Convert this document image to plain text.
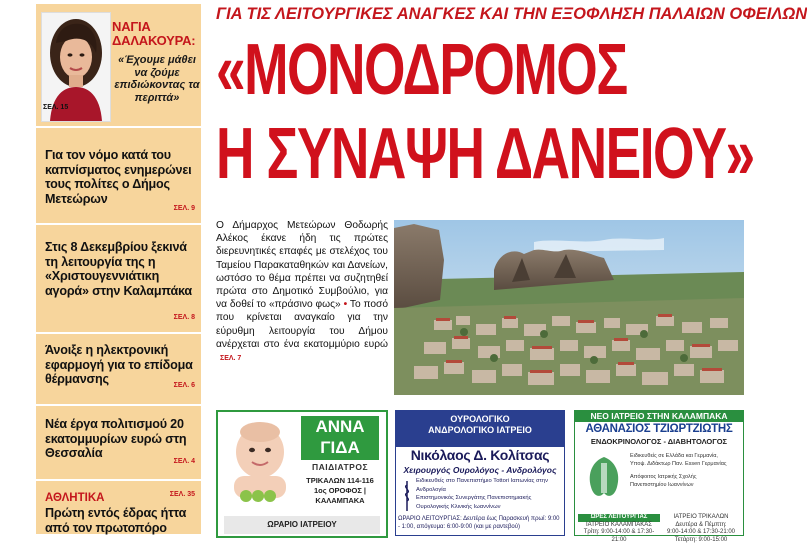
ΣΕΛ. 15
ΝΑΓΙΑ ΔΑΛΑΚΟΥΡΑ:
«Έχουμε μάθει να ζούμε επιδιώκοντας τα περιττά»
Για τον νόμο κατά του καπνίσματος ενημερώνει τους πολίτες ο Δήμος Μετεώρων
ΣΕΛ. 9
Στις 8 Δεκεμβρίου ξεκινά τη λειτουργία της η «Χριστουγεννιάτικη αγορά» στην Καλαμπάκα
ΣΕΛ. 8
Άνοιξε η ηλεκτρονική εφαρμογή για το επίδομα θέρμανσης	ΣΕΛ. 6
Νέα έργα πολιτισμού 20 εκατομμυρίων ευρώ στη Θεσσαλία
ΣΕΛ. 4
ΑΘΛΗΤΙΚΑ	ΣΕΛ. 35
Πρώτη εντός έδρας ήττα από τον πρωτοπόρο
ΓΙΑ ΤΙΣ ΛΕΙΤΟΥΡΓΙΚΕΣ ΑΝΑΓΚΕΣ ΚΑΙ ΤΗΝ ΕΞΟΦΛΗΣΗ ΠΑΛΑΙΩΝ ΟΦΕΙΛΩΝ
«ΜΟΝΟΔΡΟΜΟΣ
Η ΣΥΝΑΨΗ ΔΑΝΕΙΟΥ»
Ο Δήμαρχος Μετεώρων Θοδωρής Αλέκος έκανε ήδη τις πρώτες διερευνητικές επαφές με στελέχος του Ταμείου Παρακαταθηκών και Δανείων, ωστόσο το θέμα πρέπει να συζητηθεί πρώτα στο Δημοτικό Συμβούλιο, για να δοθεί το «πράσινο φως» • Το ποσό που κρίνεται αναγκαίο για την εύρυθμη λειτουργία του Δήμου ανέρχεται στο ένα εκατομμύριο ευρώ ΣΕΛ. 7
ΑΝΝΑ
ΓΙΔΑ
ΠΑΙΔΙΑΤΡΟΣ
ΤΡΙΚΑΛΩΝ 114-116
1ος ΟΡΟΦΟΣ | ΚΑΛΑΜΠΑΚΑ
ΩΡΑΡΙΟ ΙΑΤΡΕΙΟΥ
ΟΥΡΟΛΟΓΙΚΟ
ΑΝΔΡΟΛΟΓΙΚΟ ΙΑΤΡΕΙΟ
Νικόλαος Δ. Κολίτσας
Χειρουργός Ουρολόγος - Ανδρολόγος
Ειδικευθείς στο Πανεπιστήμιο Tottori Ιαπωνίας στην Ανδρολογία
Επιστημονικός Συνεργάτης Πανεπιστημιακής Ουρολογικής Κλινικής Ιωαννίνων
ΩΡΑΡΙΟ ΛΕΙΤΟΥΡΓΙΑΣ: Δευτέρα έως Παρασκευή πρωί: 9:00 - 1:00, απόγευμα: 6:00-9:00 (και με ραντεβού)
ΝΕΟ ΙΑΤΡΕΙΟ ΣΤΗΝ ΚΑΛΑΜΠΑΚΑ
ΑΘΑΝΑΣΙΟΣ ΤΖΙΩΡΤΖΙΩΤΗΣ
ΕΝΔΟΚΡΙΝΟΛΟΓΟΣ - ΔΙΑΒΗΤΟΛΟΓΟΣ
Ειδικευθείς σε Ελλάδα και Γερμανία,
Υποψ. Διδάκτωρ Παν. Essen Γερμανίας
Απόφοιτος Ιατρικής Σχολής
Πανεπιστημίου Ιωαννίνων
ΩΡΕΣ ΛΕΙΤΟΥΡΓΙΑΣ
ΙΑΤΡΕΙΟ ΚΑΛΑΜΠΑΚΑΣ
Τρίτη: 9:00-14:00 & 17:30-21:00
ΙΑΤΡΕΙΟ ΤΡΙΚΑΛΩΝ
Δευτέρα & Πέμπτη:
9:00-14:00 & 17:30-21:00
Τετάρτη: 9:00-15:00
